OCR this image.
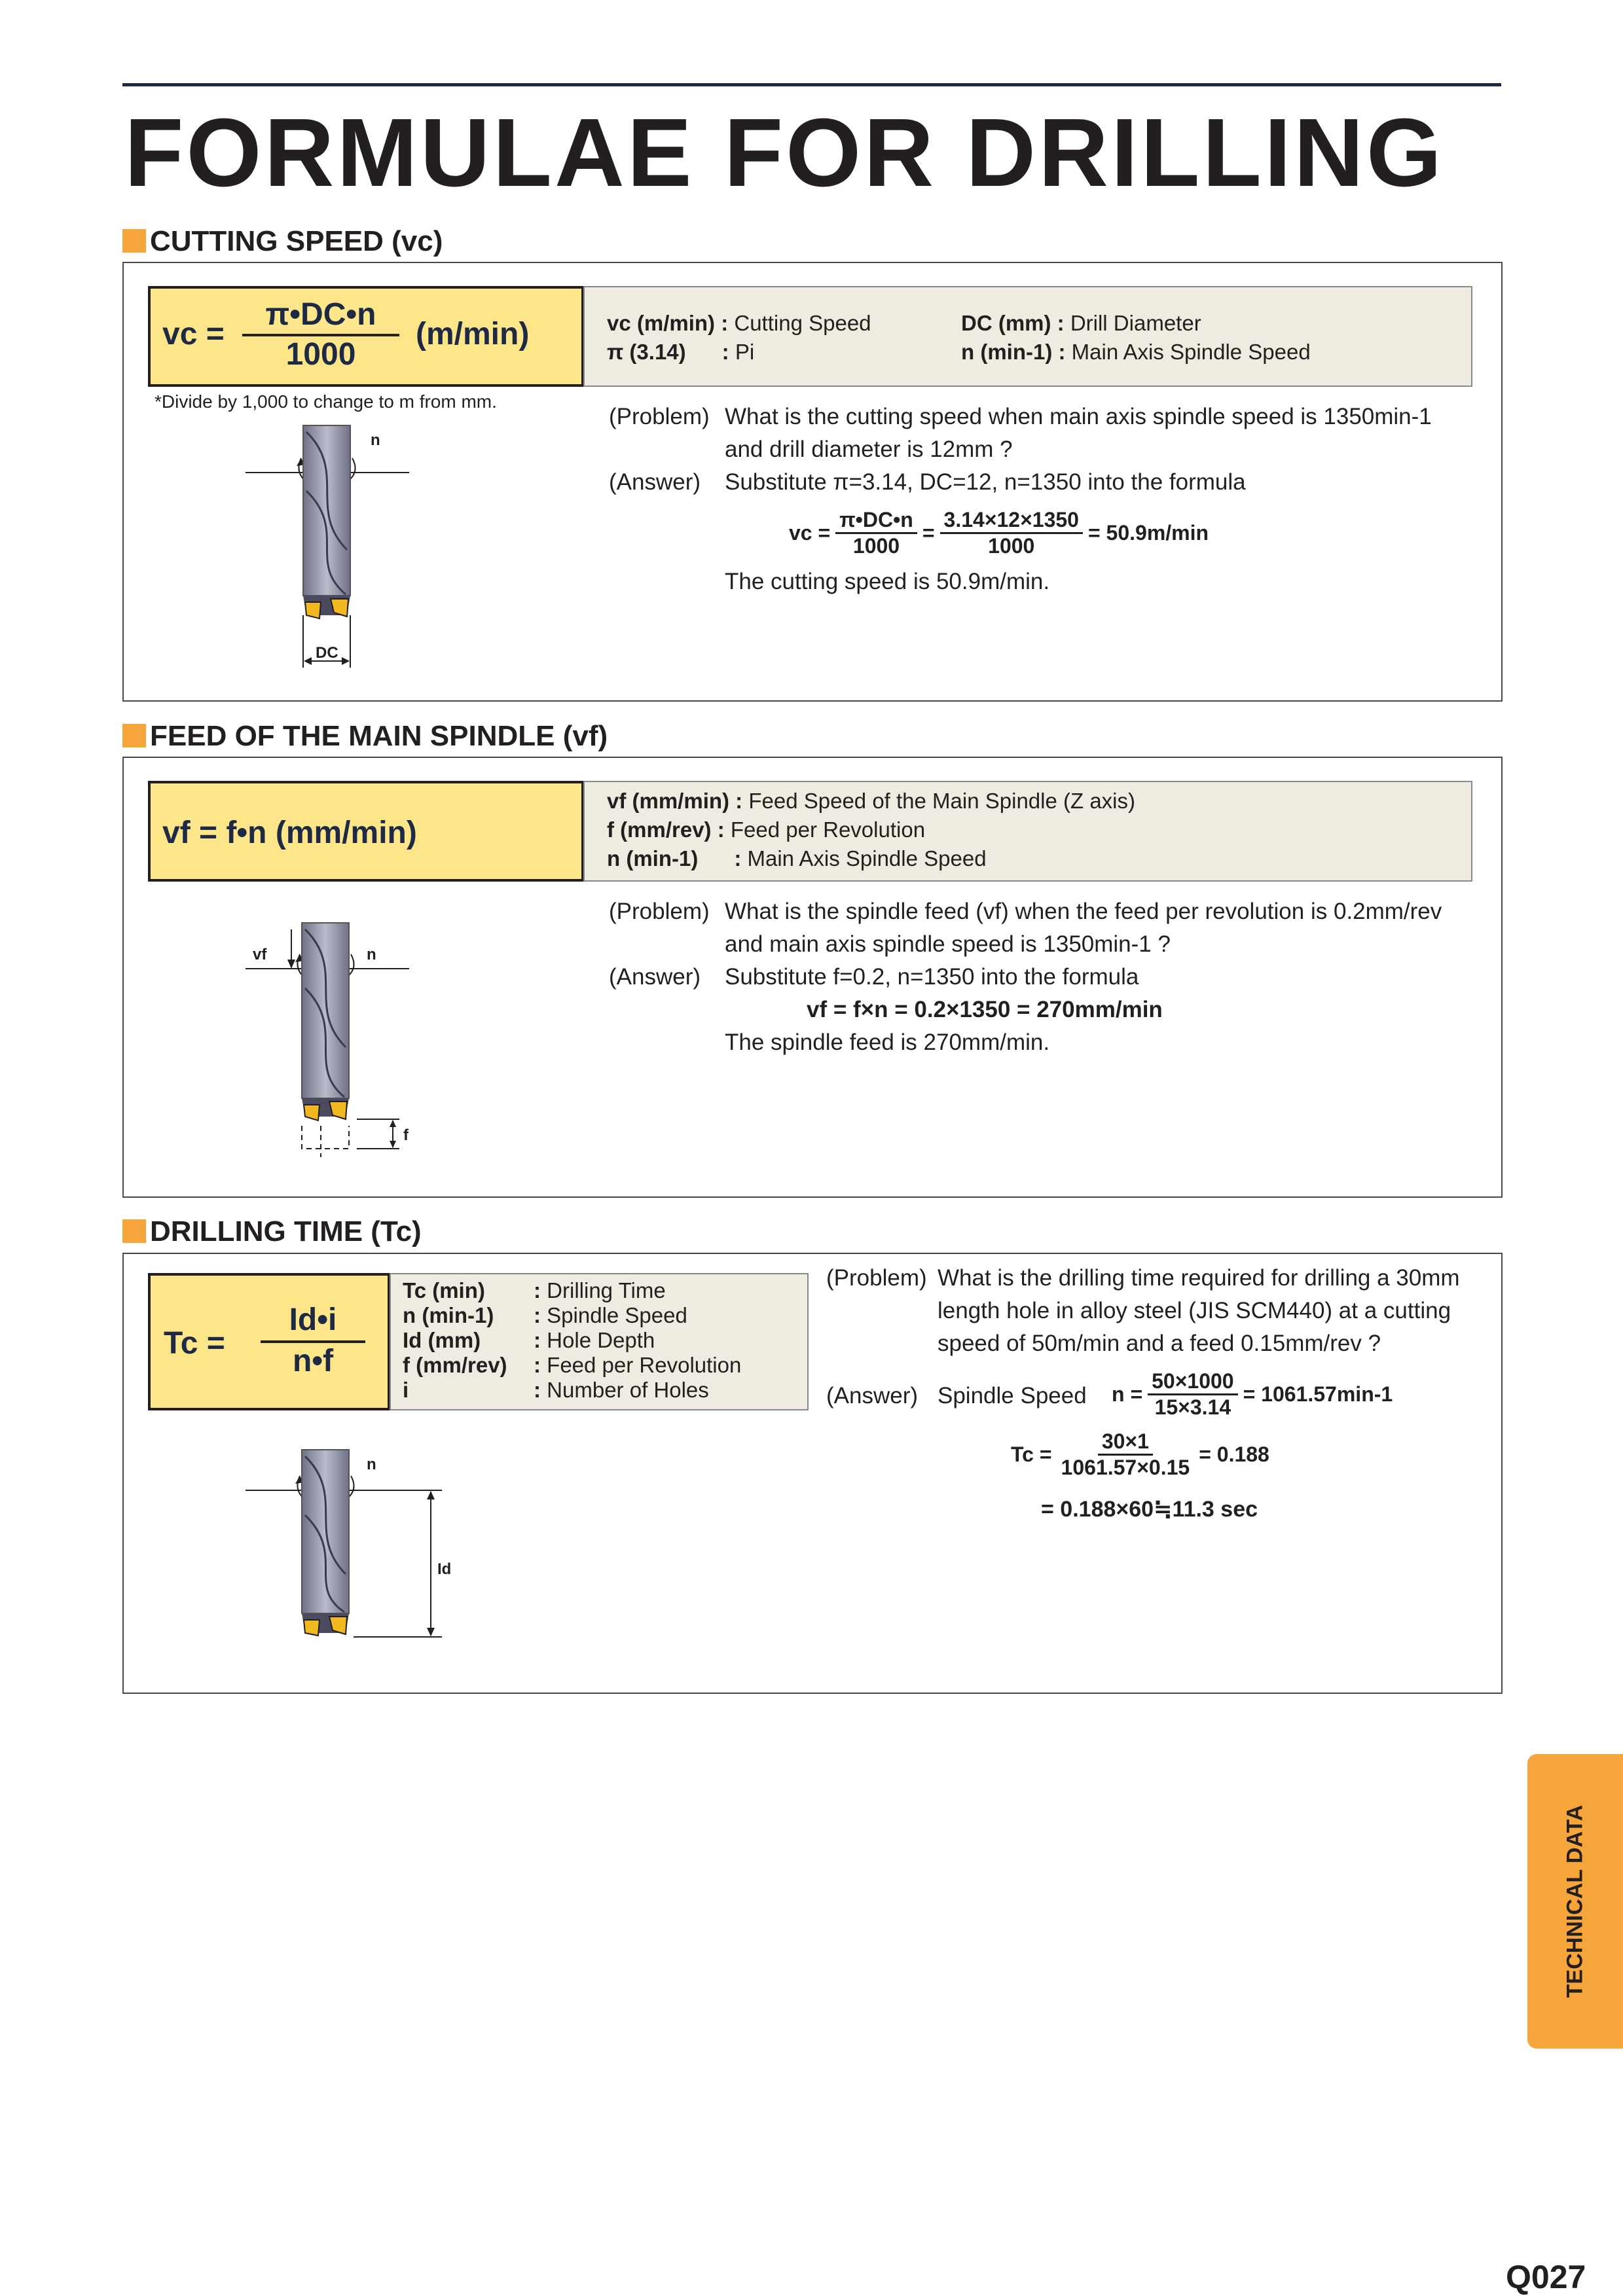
FORMULAE FOR DRILLING
CUTTING SPEED (vc)
vc = $\frac{\pi•DC•n}{1000} (m/\min)$	vc (m/min) : Cutting Speed
π (3.14)      : Pi
DC (mm) : Drill Diameter
n (min-1) : Main Axis Spindle Speed
*Divide by 1,000 to change to m from mm.
n
DC
(Problem) What is the cutting speed when main axis spindle speed is 1350min-1
and drill diameter is 12mm ?
(Answer) Substitute π=3.14, DC=12, n=1350 into the formula
vc = $\frac{\pi•DC•n}{1000} = \frac{3.14\times 12\times 1350}{1000} = 50.9m/\min$
The cutting speed is 50.9m/min.
FEED OF THE MAIN SPINDLE (vf)
vf = f•n (mm/min)
vf (mm/min) : Feed Speed of the Main Spindle (Z axis)
f (mm/rev) : Feed per Revolution
n (min-1)      : Main Axis Spindle Speed
vf	n
f
(Problem) What is the spindle feed (vf) when the feed per revolution is 0.2mm/rev
and main axis spindle speed is 1350min-1 ?
(Answer) Substitute f=0.2, n=1350 into the formula
vf = f×n = 0.2×1350 = 270mm/min
The spindle feed is 270mm/min.
DRILLING TIME (Tc)
$Tc = \frac{Id•i}{n•f}$
Tc (min) : Drilling Time
n (min-1) : Spindle Speed
Id (mm) : Hole Depth
f (mm/rev) : Feed per Revolution
i	: Number of Holes
n
Id
(Problem) What is the drilling time required for drilling a 30mm
length hole in alloy steel (JIS SCM440) at a cutting
speed of 50m/min and a feed 0.15mm/rev ?
(Answer) Spindle Speed $n = \frac{50\times 1000}{15\times 3.14} = 1061.57\min-1$
$Tc = \frac{30\times 1}{1061.57\times 0.15} = 0.188$
= 0.188×60≒11.3 sec
TECHNICAL DATA
Q027
